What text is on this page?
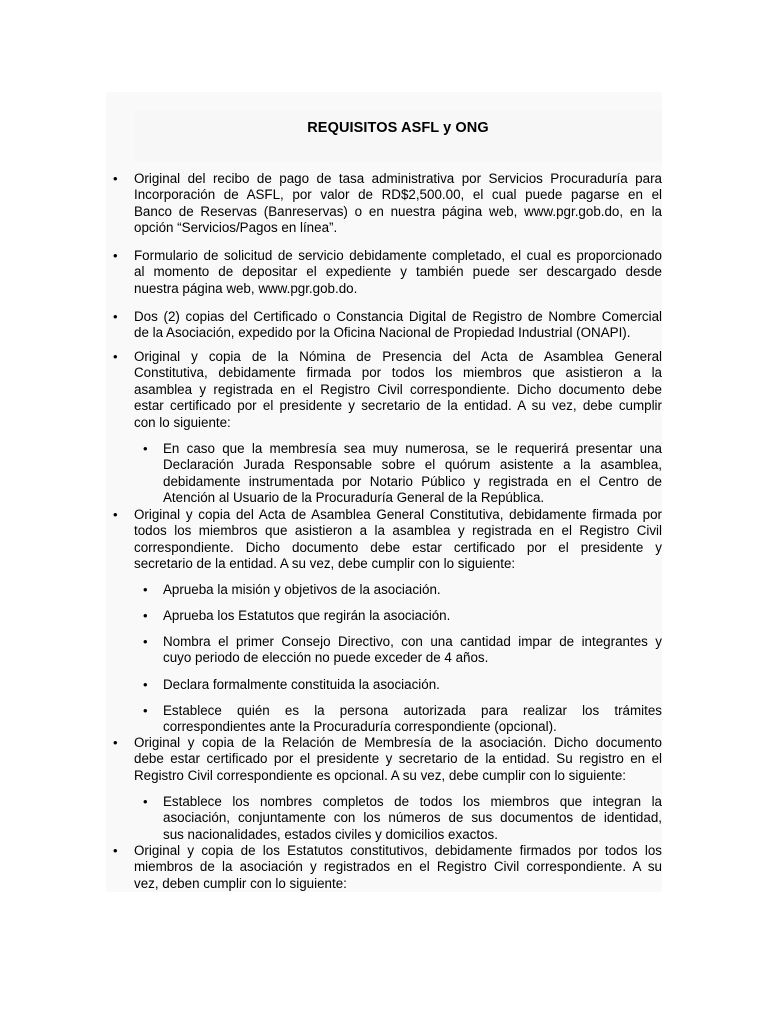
REQUISITOS ASFL y ONG
• Original del recibo de pago de tasa administrativa por Servicios Procuraduría para
Incorporación de ASFL, por valor de RD$2,500.00, el cual puede pagarse en el
Banco de Reservas (Banreservas) o en nuestra página web, www.pgr.gob.do, en la
opción “Servicios/Pagos en línea”.
• Formulario de solicitud de servicio debidamente completado, el cual es proporcionado
al momento de depositar el expediente y también puede ser descargado desde
nuestra página web, www.pgr.gob.do.
• Dos (2) copias del Certificado o Constancia Digital de Registro de Nombre Comercial
de la Asociación, expedido por la Oficina Nacional de Propiedad Industrial (ONAPI).
• Original y copia de la Nómina de Presencia del Acta de Asamblea General
Constitutiva, debidamente firmada por todos los miembros que asistieron a la
asamblea y registrada en el Registro Civil correspondiente. Dicho documento debe
estar certificado por el presidente y secretario de la entidad. A su vez, debe cumplir
con lo siguiente:
• En caso que la membresía sea muy numerosa, se le requerirá presentar una
Declaración Jurada Responsable sobre el quórum asistente a la asamblea,
debidamente instrumentada por Notario Público y registrada en el Centro de
Atención al Usuario de la Procuraduría General de la República.
• Original y copia del Acta de Asamblea General Constitutiva, debidamente firmada por
todos los miembros que asistieron a la asamblea y registrada en el Registro Civil
correspondiente. Dicho documento debe estar certificado por el presidente y
secretario de la entidad. A su vez, debe cumplir con lo siguiente:
• Aprueba la misión y objetivos de la asociación.
• Aprueba los Estatutos que regirán la asociación.
• Nombra el primer Consejo Directivo, con una cantidad impar de integrantes y
cuyo periodo de elección no puede exceder de 4 años.
• Declara formalmente constituida la asociación.
• Establece quién es la persona autorizada para realizar los trámites
correspondientes ante la Procuraduría correspondiente (opcional).
• Original y copia de la Relación de Membresía de la asociación. Dicho documento
debe estar certificado por el presidente y secretario de la entidad. Su registro en el
Registro Civil correspondiente es opcional. A su vez, debe cumplir con lo siguiente:
• Establece los nombres completos de todos los miembros que integran la
asociación, conjuntamente con los números de sus documentos de identidad,
sus nacionalidades, estados civiles y domicilios exactos.
• Original y copia de los Estatutos constitutivos, debidamente firmados por todos los
miembros de la asociación y registrados en el Registro Civil correspondiente. A su
vez, deben cumplir con lo siguiente:
